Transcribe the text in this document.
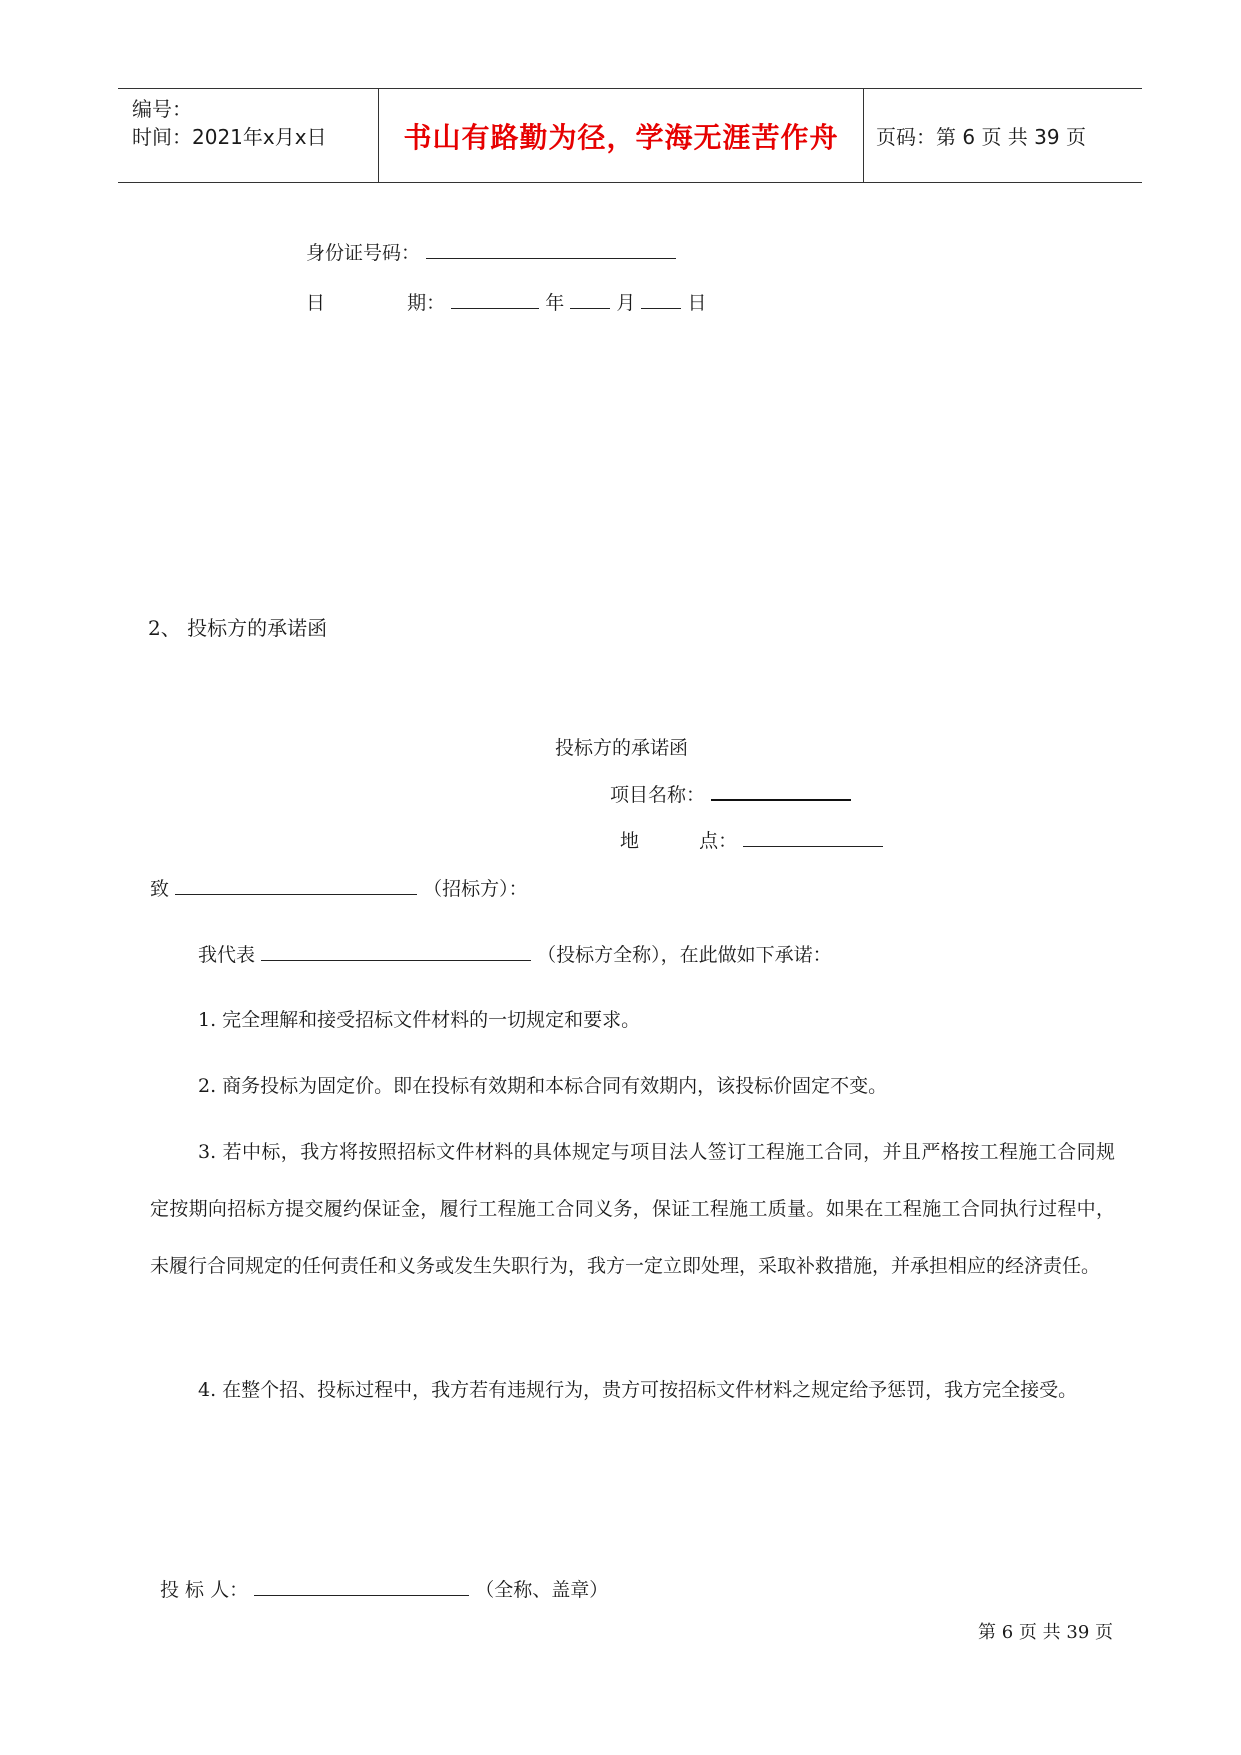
编号：
时间：2021年x月x日	书山有路勤为径，学海无涯苦作舟 页码：第 6 页 共 39 页
身份证号码：
日	期：	年	月	日
2、 投标方的承诺函
投标方的承诺函
项目名称：
地	点：
致	（招标方）：
我代表	（投标方全称），在此做如下承诺：
1. 完全理解和接受招标文件材料的一切规定和要求。
2. 商务投标为固定价。即在投标有效期和本标合同有效期内，该投标价固定不变。
3. 若中标，我方将按照招标文件材料的具体规定与项目法人签订工程施工合同，并且严格按工程施工合同规定按期向招标方提交履约保证金，履行工程施工合同义务，保证工程施工质量。如果在工程施工合同执行过程中，未履行合同规定的任何责任和义务或发生失职行为，我方一定立即处理，采取补救措施，并承担相应的经济责任。
4. 在整个招、投标过程中，我方若有违规行为，贵方可按招标文件材料之规定给予惩罚，我方完全接受。
投 标 人：	（全称、盖章）
第 6 页 共 39 页
